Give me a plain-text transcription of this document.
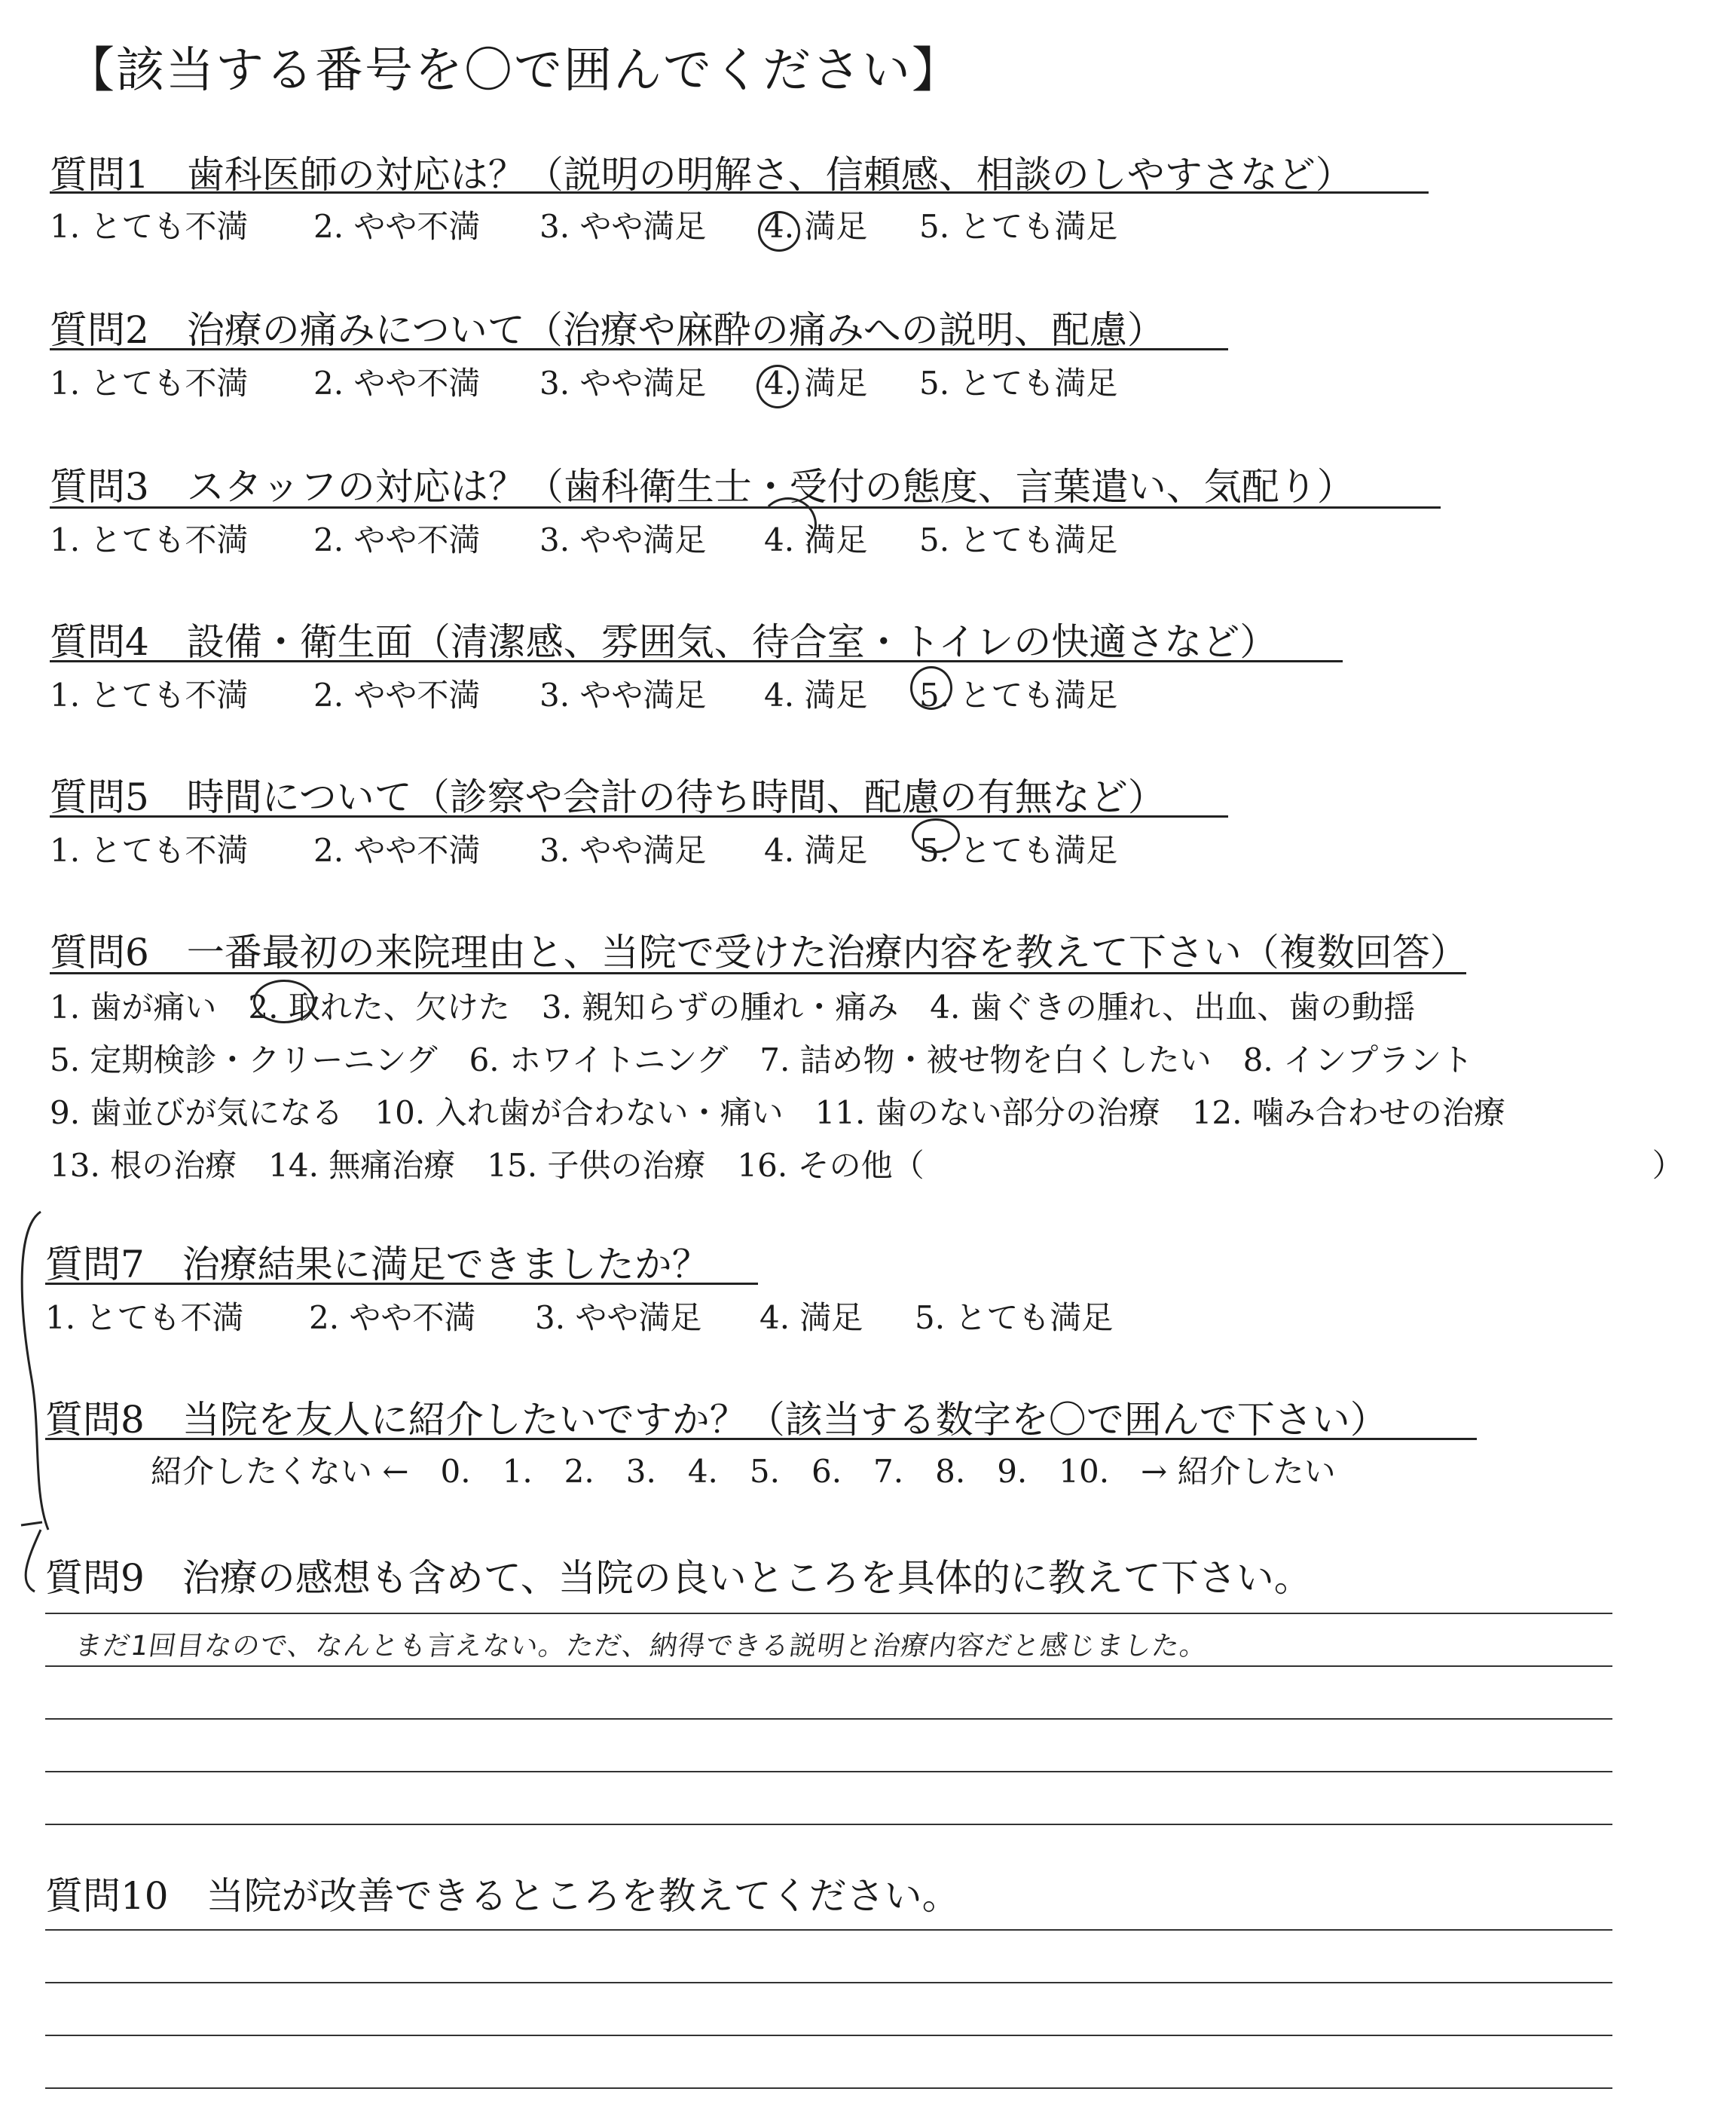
【該当する番号を〇で囲んでください】
質問1　歯科医師の対応は？（説明の明解さ、信頼感、相談のしやすさなど）
1. とても不満 2. やや不満 3. やや満足 4. 満足 5. とても満足
質問2　治療の痛みについて（治療や麻酔の痛みへの説明、配慮）
1. とても不満 2. やや不満 3. やや満足 4. 満足 5. とても満足
質問3　スタッフの対応は？（歯科衛生士・受付の態度、言葉遣い、気配り）
1. とても不満 2. やや不満 3. やや満足 4. 満足 5. とても満足
質問4　設備・衛生面（清潔感、雰囲気、待合室・トイレの快適さなど）
1. とても不満 2. やや不満 3. やや満足 4. 満足 5. とても満足
質問5　時間について（診察や会計の待ち時間、配慮の有無など）
1. とても不満 2. やや不満 3. やや満足 4. 満足 5. とても満足
質問6　一番最初の来院理由と、当院で受けた治療内容を教えて下さい（複数回答）
1. 歯が痛い　2. 取れた、欠けた　3. 親知らずの腫れ・痛み　4. 歯ぐきの腫れ、出血、歯の動揺
5. 定期検診・クリーニング　6. ホワイトニング　7. 詰め物・被せ物を白くしたい　8. インプラント
9. 歯並びが気になる　10. 入れ歯が合わない・痛い　11. 歯のない部分の治療　12. 噛み合わせの治療
13. 根の治療　14. 無痛治療　15. 子供の治療　16. その他（　　　　　　　　　　　　　　　　　　　　　　　）
質問7　治療結果に満足できましたか？
1. とても不満 2. やや不満 3. やや満足 4. 満足 5. とても満足
質問8　当院を友人に紹介したいですか？（該当する数字を〇で囲んで下さい）
紹介したくない ←　0.　1.　2.　3.　4.　5.　6.　7.　8.　9.　10.　→ 紹介したい
質問9　治療の感想も含めて、当院の良いところを具体的に教えて下さい。
まだ1回目なので、なんとも言えない。ただ、納得できる説明と治療内容だと感じました。
質問10　当院が改善できるところを教えてください。
